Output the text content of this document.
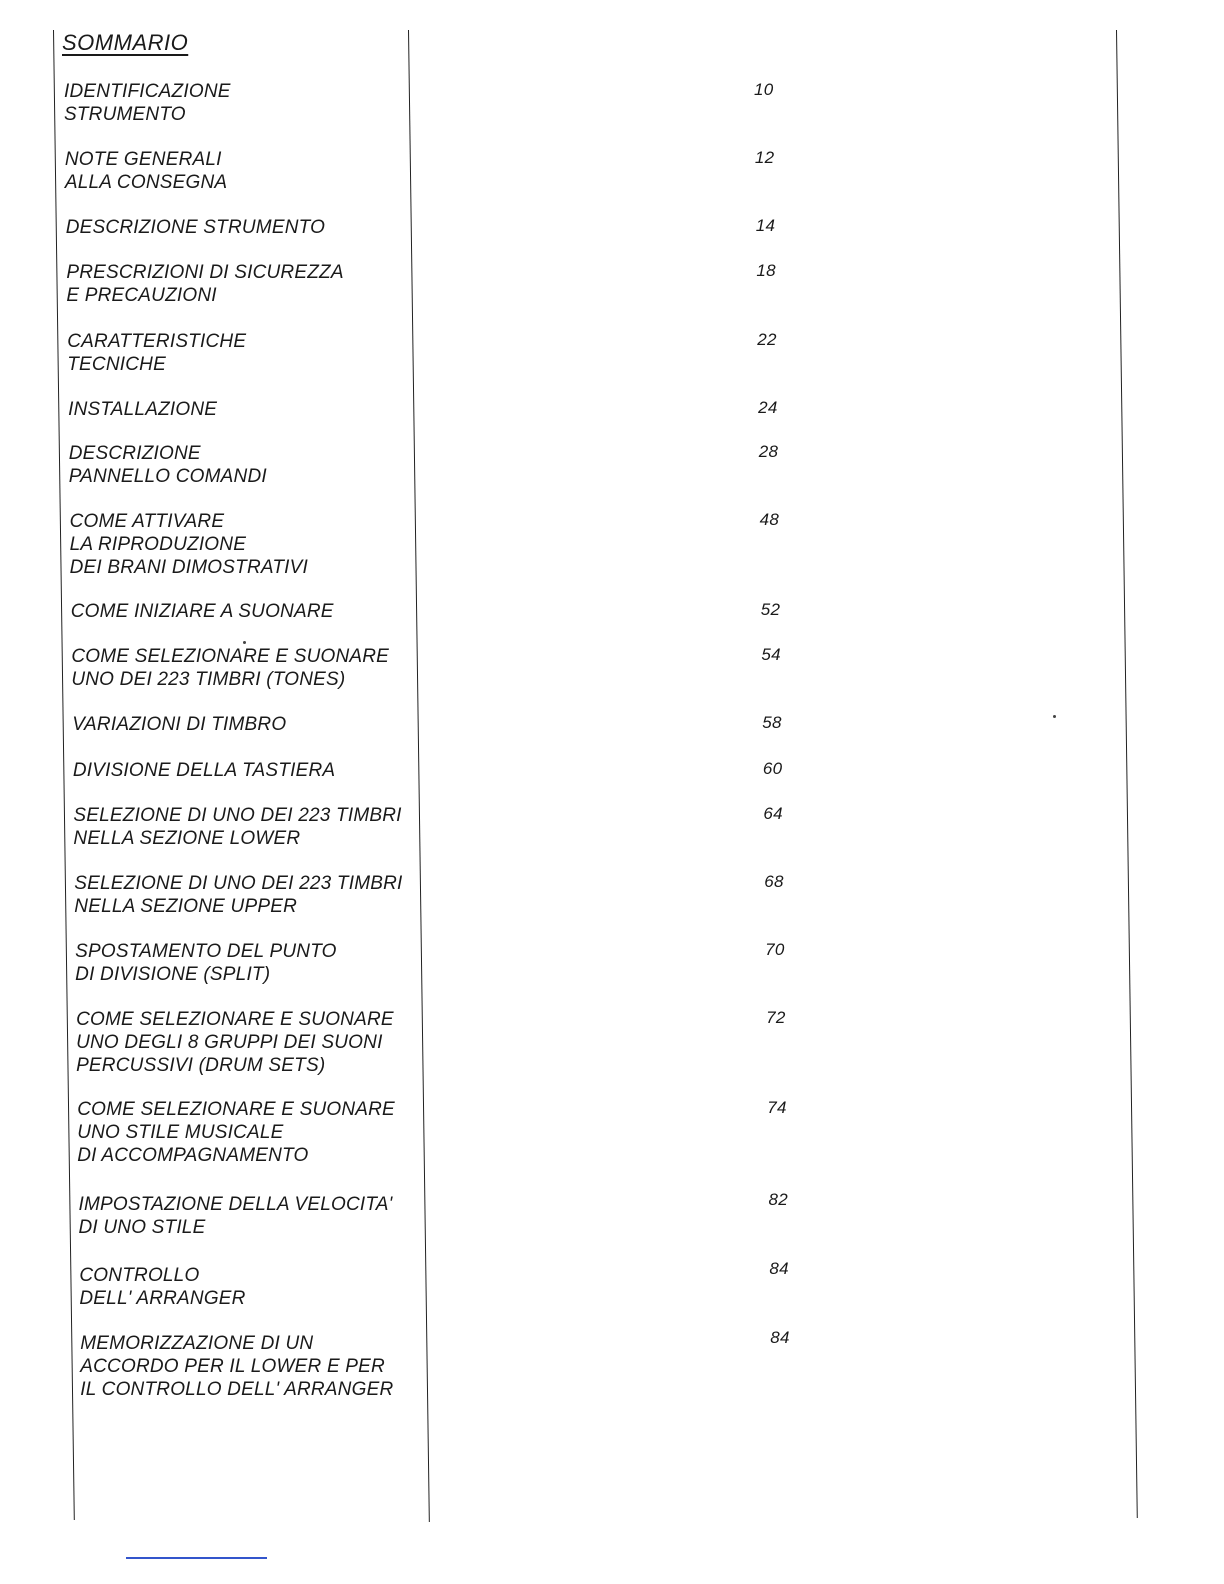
SOMMARIO
IDENTIFICAZIONE
STRUMENTO
10
NOTE GENERALI
ALLA CONSEGNA
12
DESCRIZIONE STRUMENTO	14
PRESCRIZIONI DI SICUREZZA
E PRECAUZIONI
18
CARATTERISTICHE
TECNICHE
22
INSTALLAZIONE	24
DESCRIZIONE
PANNELLO COMANDI
28
COME ATTIVARE
LA RIPRODUZIONE
DEI BRANI DIMOSTRATIVI
48
COME INIZIARE A SUONARE	52
COME SELEZIONARE E SUONARE
UNO DEI 223 TIMBRI (TONES)
54
VARIAZIONI DI TIMBRO	58
DIVISIONE DELLA TASTIERA	60
SELEZIONE DI UNO DEI 223 TIMBRI
NELLA SEZIONE LOWER
64
SELEZIONE DI UNO DEI 223 TIMBRI
NELLA SEZIONE UPPER
68
SPOSTAMENTO DEL PUNTO
DI DIVISIONE (SPLIT)
70
COME SELEZIONARE E SUONARE
UNO DEGLI 8 GRUPPI DEI SUONI
PERCUSSIVI (DRUM SETS)
72
COME SELEZIONARE E SUONARE
UNO STILE MUSICALE
DI ACCOMPAGNAMENTO
74
IMPOSTAZIONE DELLA VELOCITA'
DI UNO STILE
82
CONTROLLO
DELL' ARRANGER
84
MEMORIZZAZIONE DI UN
ACCORDO PER IL LOWER E PER
IL CONTROLLO DELL' ARRANGER
84
